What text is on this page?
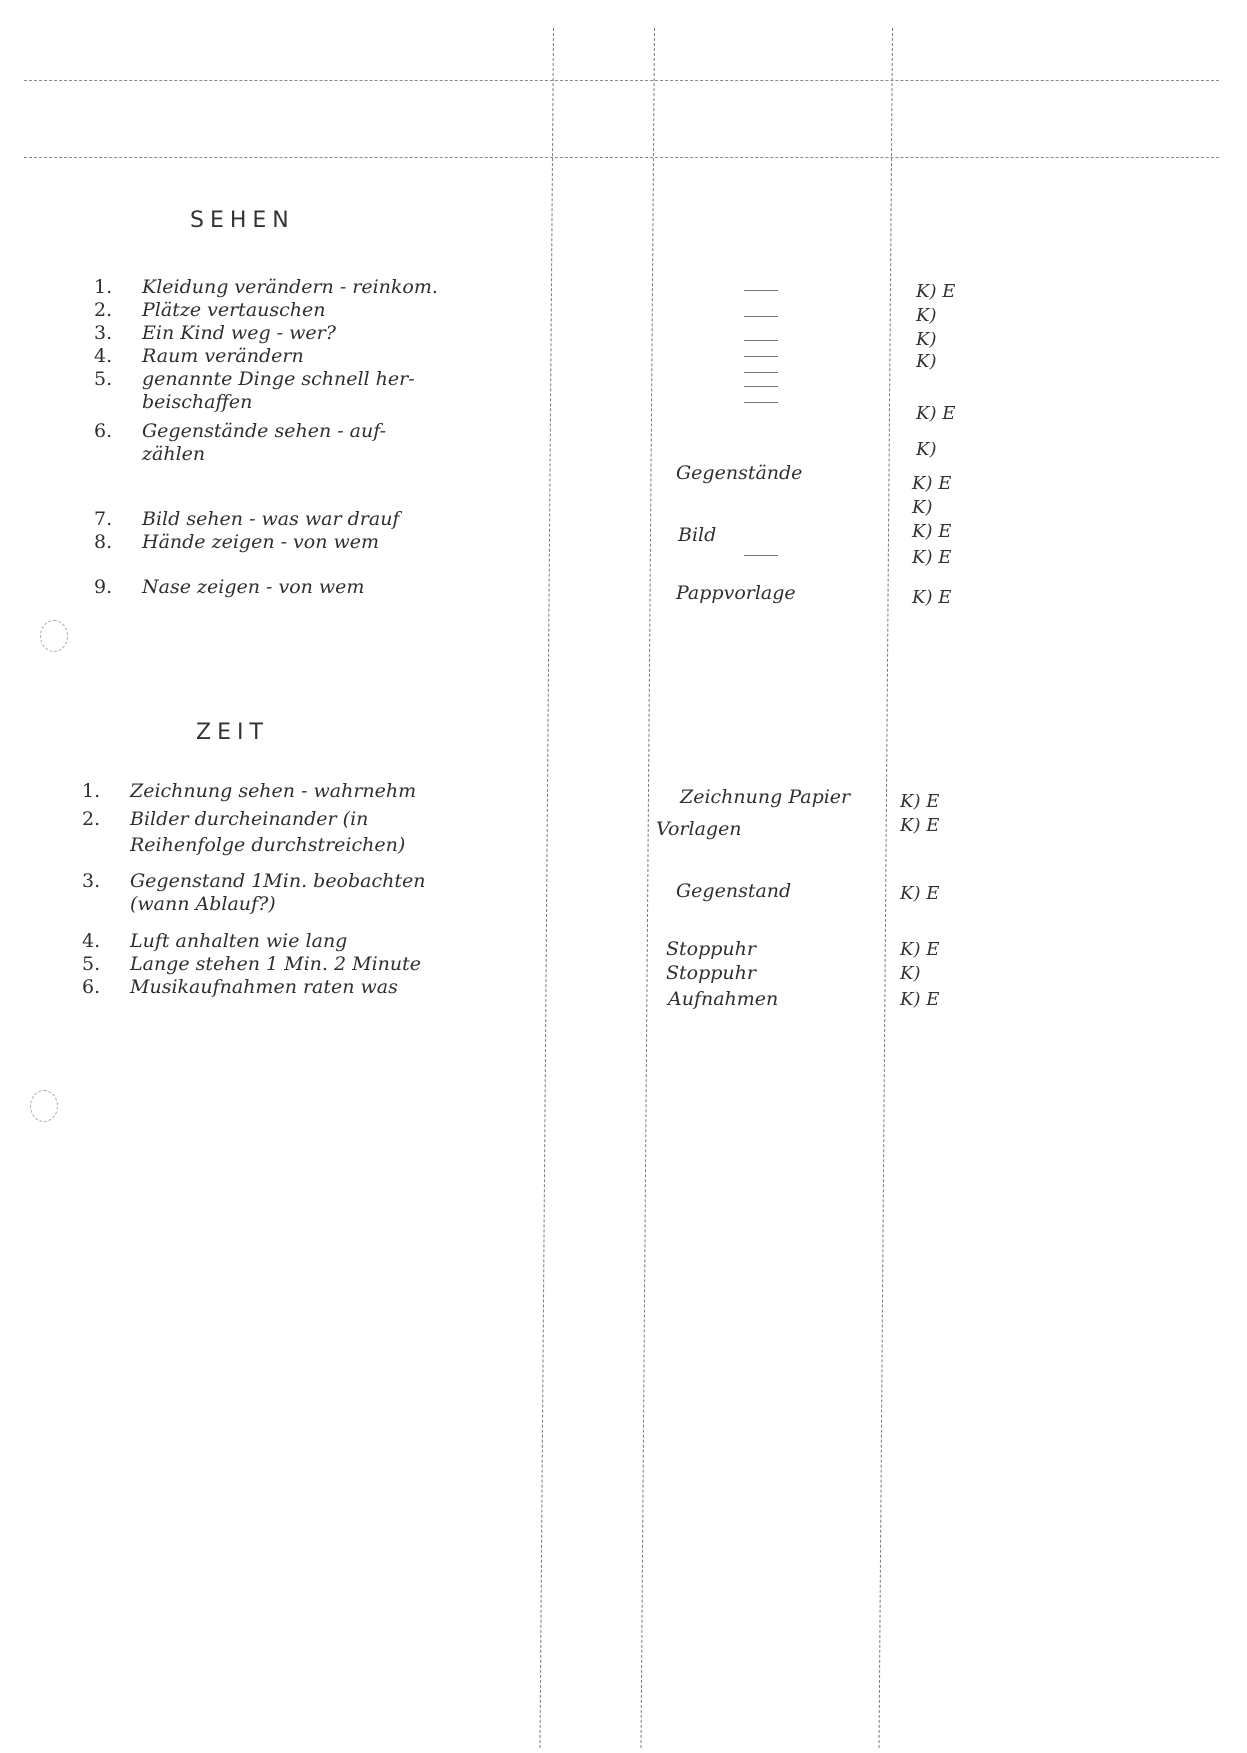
SEHEN
1. Kleidung verändern - reinkom.
2. Plätze vertauschen
3. Ein Kind weg - wer?
4. Raum verändern
5. genannte Dinge schnell her-
beischaffen
6. Gegenstände sehen - auf-
zählen
7. Bild sehen - was war drauf
8. Hände zeigen - von wem
9. Nase zeigen - von wem
Gegenstände
Bild
Pappvorlage
K) E
K)
K)
K)
K) E
K)
K) E
K)
K) E
K) E
K) E
ZEIT
1. Zeichnung sehen - wahrnehm
2. Bilder durcheinander (in
Reihenfolge durchstreichen)
3. Gegenstand 1Min. beobachten
(wann Ablauf?)
4. Luft anhalten wie lang
5. Lange stehen 1 Min. 2 Minute
6. Musikaufnahmen raten was
Zeichnung Papier
Vorlagen
Gegenstand
Stoppuhr
Stoppuhr
Aufnahmen
K) E
K) E
K) E
K) E
K)
K) E
